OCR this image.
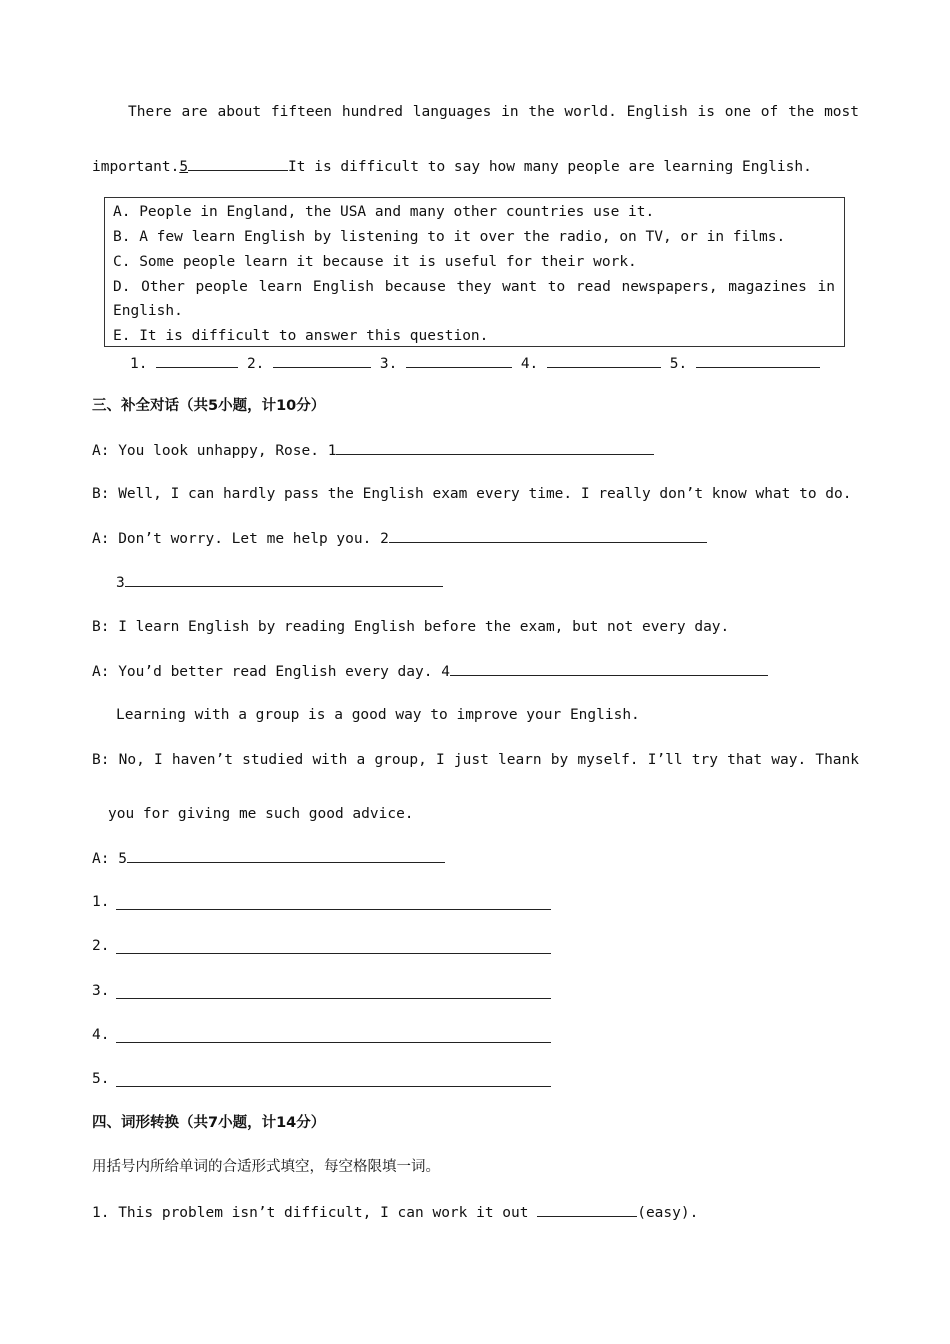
There are about fifteen hundred languages in the world. English is one of the most
important.5	It is difficult to say how many people are learning English.
A. People in England, the USA and many other countries use it.
B. A few learn English by listening to it over the radio, on TV, or in films.
C. Some people learn it because it is useful for their work.
D. Other people learn English because they want to read newspapers, magazines in
English.
E. It is difficult to answer this question.
1.	2.	3.	4.	5.
三、补全对话（共5小题，计10分）
A: You look unhappy, Rose. 1
B: Well, I can hardly pass the English exam every time. I really don’t know what to do.
A: Don’t worry. Let me help you. 2
3
B: I learn English by reading English before the exam, but not every day.
A: You’d better read English every day. 4
Learning with a group is a good way to improve your English.
B: No, I haven’t studied with a group, I just learn by myself. I’ll try that way. Thank
you for giving me such good advice.
A: 5
1.
2.
3.
4.
5.
四、词形转换（共7小题，计14分）
用括号内所给单词的合适形式填空，每空格限填一词。
1. This problem isn’t difficult, I can work it out	(easy).
